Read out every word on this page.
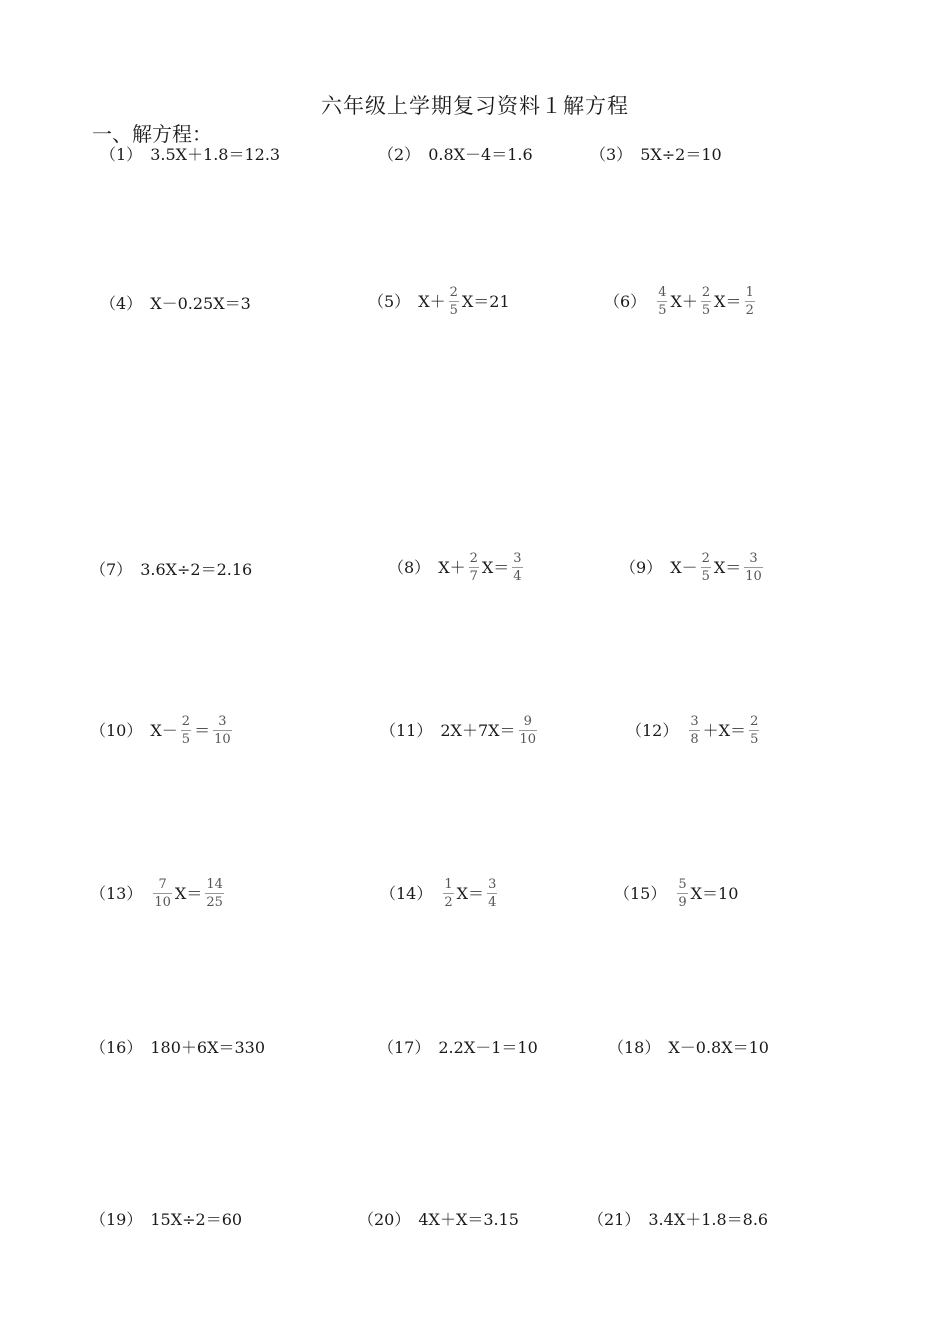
六年级上学期复习资料１解方程
一、解方程：
（1） 3.5X＋1.8＝12.3	（2） 0.8X－4＝1.6	（3） 5X÷2＝10
（4） X－0.25X＝3	（5） $X+ \frac{2}{5} X=21$	$(6) \frac{4}{5} X+ \frac{2}{5} X= \frac{1}{2}$
（7） 3.6X÷2＝2.16	（8） $X+ \frac{2}{7} X= \frac{3}{4}$	（9） $X- \frac{2}{5} X= \frac{3}{10}$
（10） $X- \frac{2}{5} = \frac{3}{10}$	（11） $2X+7X= \frac{9}{10}$	$(12) \frac{3}{8} +X= \frac{2}{5}$
$(13) \frac{7}{10} X= \frac{14}{25}$	$(14) \frac{1}{2} X= \frac{3}{4}$	$(15) \frac{5}{9} X=10$
（16） 180＋6X＝330	（17） 2.2X－1＝10	（18） X－0.8X＝10
（19） 15X÷2＝60	（20） 4X＋X＝3.15	（21） 3.4X＋1.8＝8.6
